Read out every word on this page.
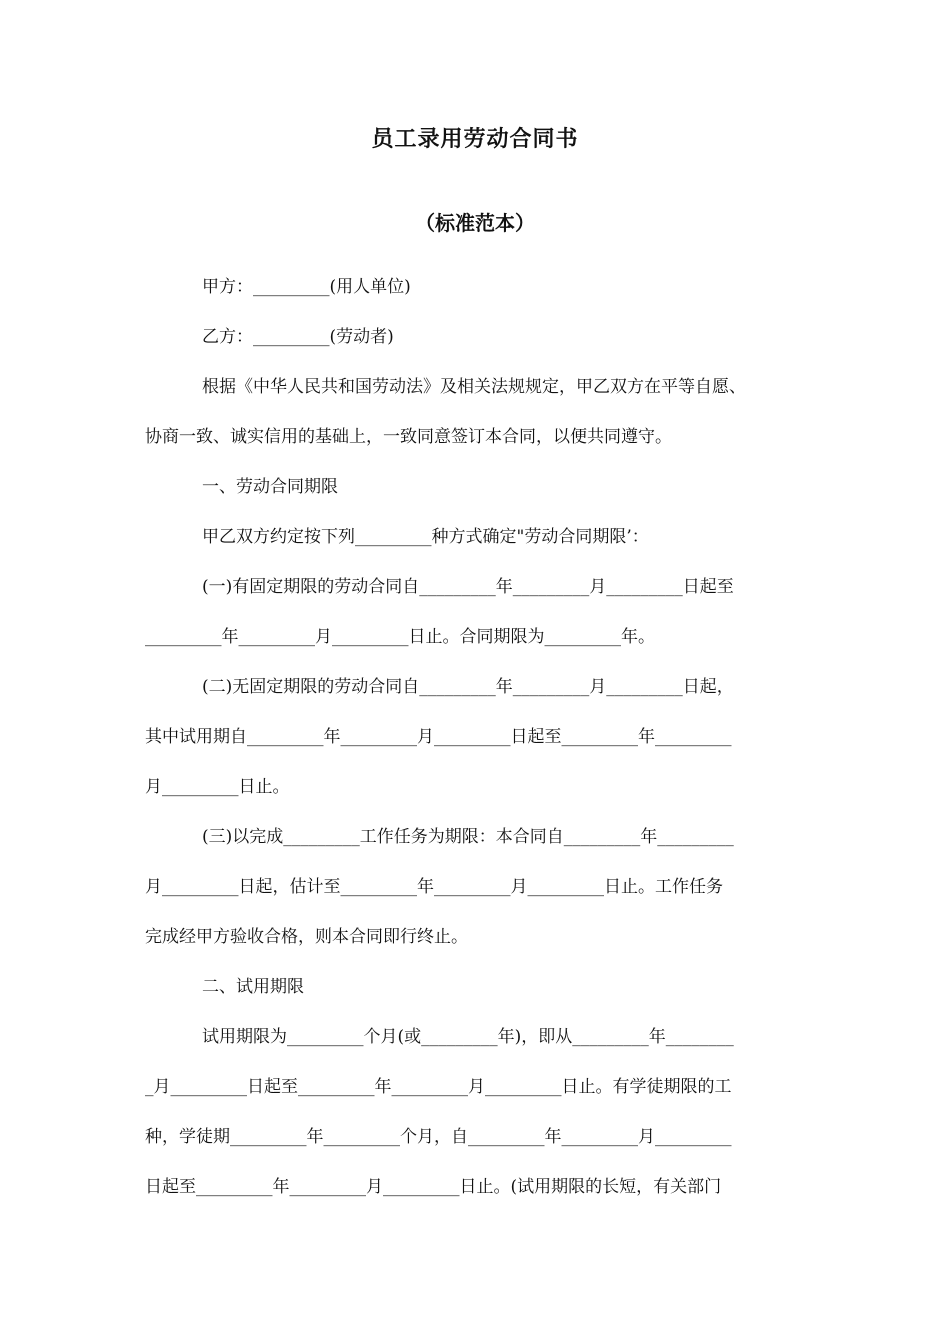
员工录用劳动合同书
（标准范本）
甲方：_________(用人单位)
乙方：_________(劳动者)
根据《中华人民共和国劳动法》及相关法规规定，甲乙双方在平等自愿、
协商一致、诚实信用的基础上，一致同意签订本合同，以便共同遵守。
一、劳动合同期限
甲乙双方约定按下列_________种方式确定"劳动合同期限’：
(一)有固定期限的劳动合同自_________年_________月_________日起至
_________年_________月_________日止。合同期限为_________年。
(二)无固定期限的劳动合同自_________年_________月_________日起，
其中试用期自_________年_________月_________日起至_________年_________
月_________日止。
(三)以完成_________工作任务为期限：本合同自_________年_________
月_________日起，估计至_________年_________月_________日止。工作任务
完成经甲方验收合格，则本合同即行终止。
二、试用期限
试用期限为_________个月(或_________年)，即从_________年________
_月_________日起至_________年_________月_________日止。有学徒期限的工
种，学徒期_________年_________个月，自_________年_________月_________
日起至_________年_________月_________日止。(试用期限的长短，有关部门
